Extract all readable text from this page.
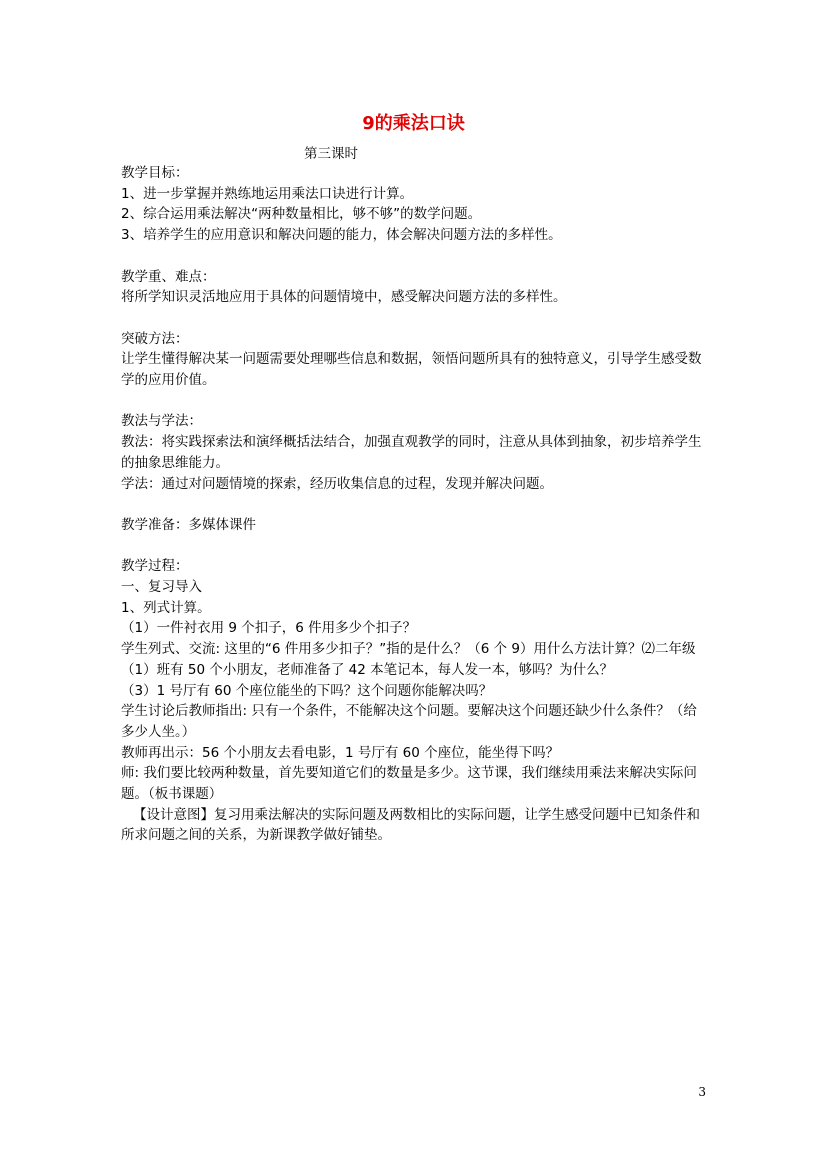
9的乘法口诀
第三课时

教学目标：

1、进一步掌握并熟练地运用乘法口诀进行计算。

2、综合运用乘法解决“两种数量相比，够不够”的数学问题。

3、培养学生的应用意识和解决问题的能力，体会解决问题方法的多样性。

教学重、难点：

将所学知识灵活地应用于具体的问题情境中，感受解决问题方法的多样性。

突破方法：

让学生懂得解决某一问题需要处理哪些信息和数据，领悟问题所具有的独特意义，引导学生感受数学的应用价值。

教法与学法：

教法：将实践探索法和演绎概括法结合，加强直观教学的同时，注意从具体到抽象，初步培养学生的抽象思维能力。

学法：通过对问题情境的探索，经历收集信息的过程，发现并解决问题。

教学准备：多媒体课件

教学过程：

一、复习导入

1、列式计算。

（1）一件衬衣用 9 个扣子，6 件用多少个扣子？

学生列式、交流: 这里的“6 件用多少扣子？”指的是什么？（6 个 9）用什么方法计算？⑵二年级（1）班有 50 个小朋友，老师准备了 42 本笔记本，每人发一本，够吗？为什么？

（3）1 号厅有 60 个座位能坐的下吗？这个问题你能解决吗？

学生讨论后教师指出: 只有一个条件，不能解决这个问题。要解决这个问题还缺少什么条件？（给多少人坐。）

教师再出示：56 个小朋友去看电影，1 号厅有 60 个座位，能坐得下吗？

师: 我们要比较两种数量，首先要知道它们的数量是多少。这节课，我们继续用乘法来解决实际问题。（板书课题）

【设计意图】复习用乘法解决的实际问题及两数相比的实际问题，让学生感受问题中已知条件和所求问题之间的关系，为新课教学做好铺垫。

3
